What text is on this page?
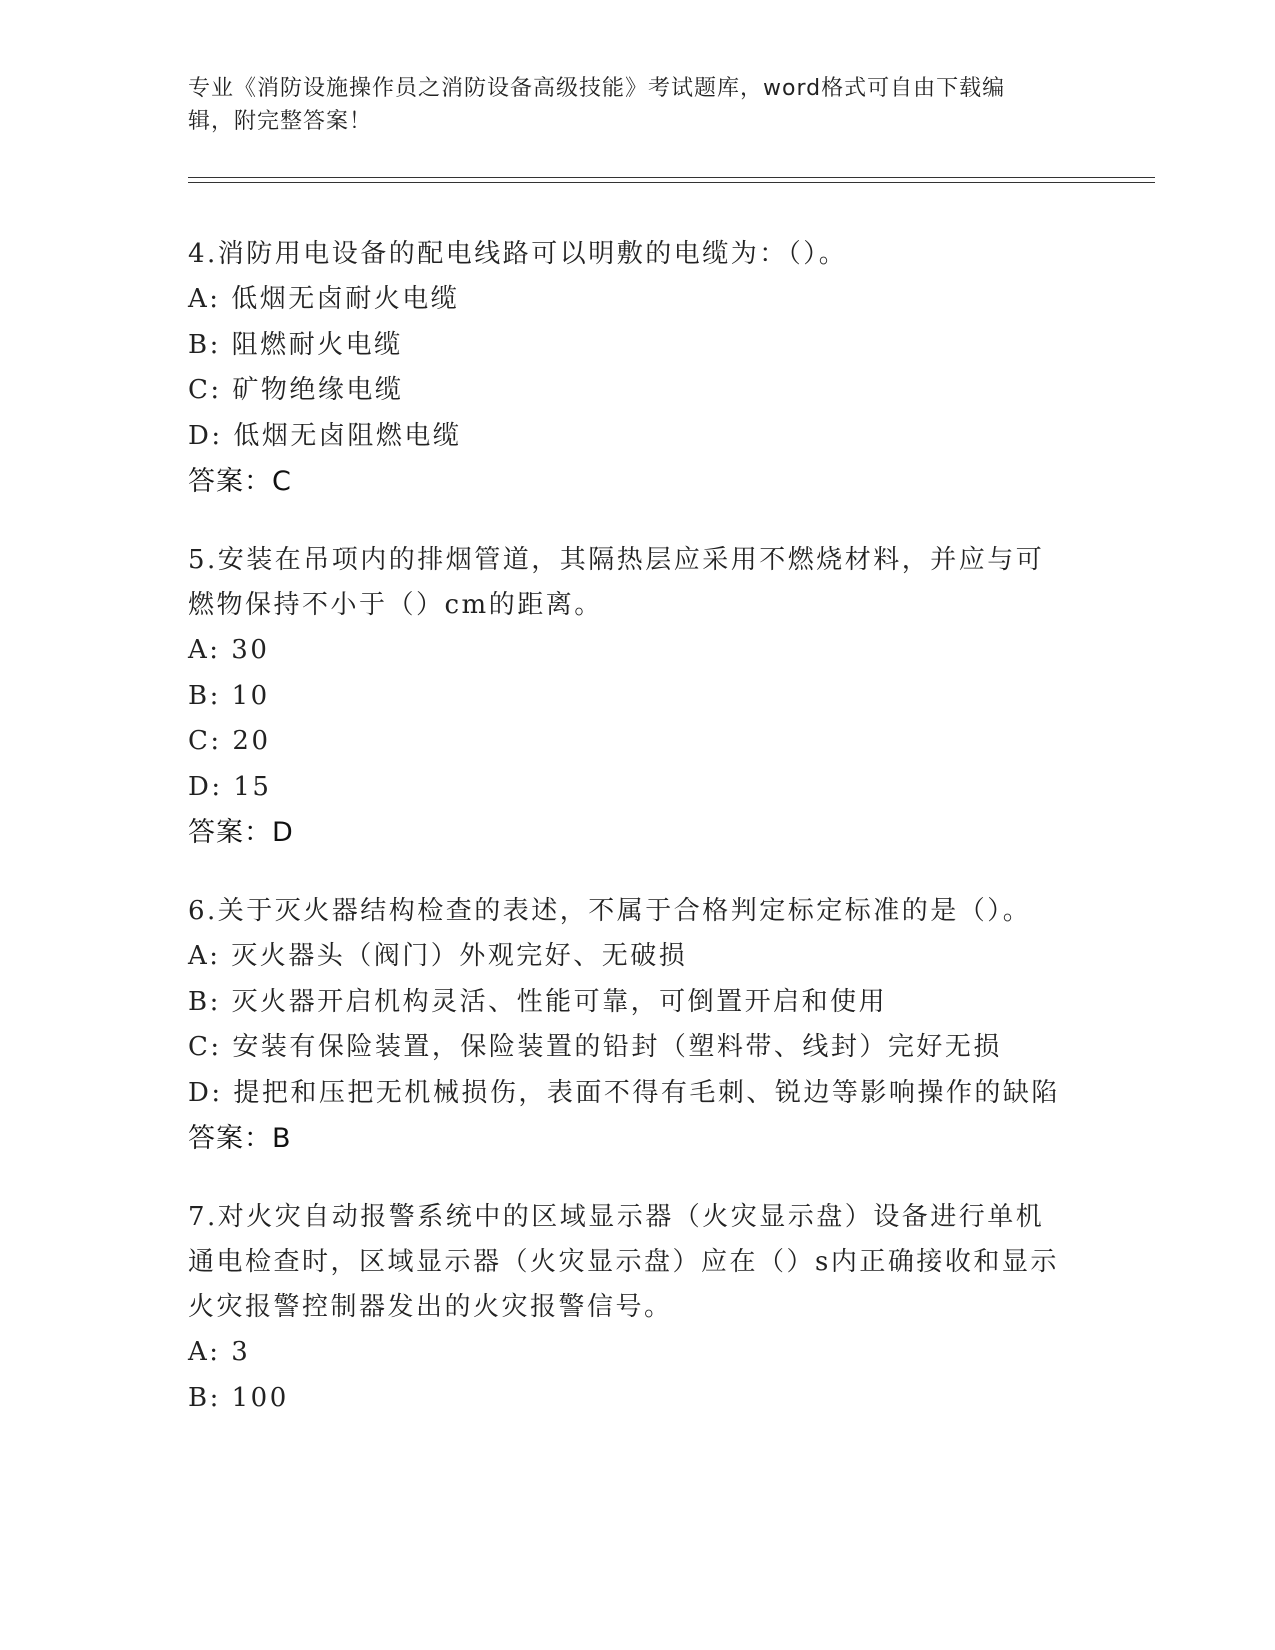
专业《消防设施操作员之消防设备高级技能》考试题库，word格式可自由下载编
辑，附完整答案！
4.消防用电设备的配电线路可以明敷的电缆为：（）。
A: 低烟无卤耐火电缆
B: 阻燃耐火电缆
C: 矿物绝缘电缆
D: 低烟无卤阻燃电缆
答案：C
5.安装在吊项内的排烟管道，其隔热层应采用不燃烧材料，并应与可
燃物保持不小于（）cm的距离。
A: 30
B: 10
C: 20
D: 15
答案：D
6.关于灭火器结构检查的表述，不属于合格判定标定标准的是（）。
A: 灭火器头（阀门）外观完好、无破损
B: 灭火器开启机构灵活、性能可靠，可倒置开启和使用
C: 安装有保险装置，保险装置的铅封（塑料带、线封）完好无损
D: 提把和压把无机械损伤，表面不得有毛刺、锐边等影响操作的缺陷
答案：B
7.对火灾自动报警系统中的区域显示器（火灾显示盘）设备进行单机
通电检查时，区域显示器（火灾显示盘）应在（）s内正确接收和显示
火灾报警控制器发出的火灾报警信号。
A: 3
B: 100
